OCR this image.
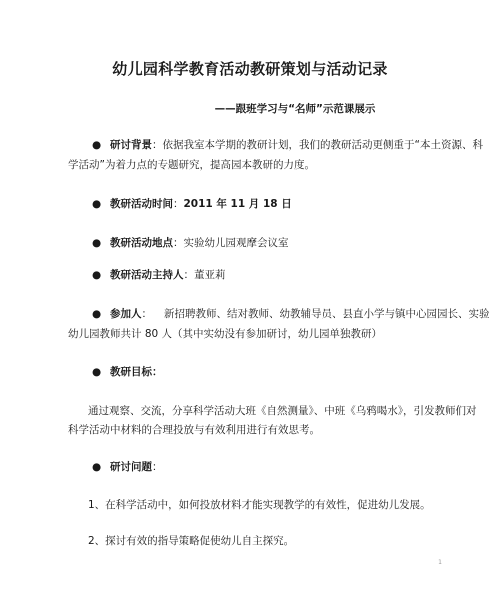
幼儿园科学教育活动教研策划与活动记录
——跟班学习与“名师”示范课展示
● 研讨背景：依据我室本学期的教研计划，我们的教研活动更侧重于“本土资源、科
学活动”为着力点的专题研究，提高园本教研的力度。
● 教研活动时间：2011 年 11 月 18 日
● 教研活动地点：实验幼儿园观摩会议室
● 教研活动主持人：董亚莉
● 参加人： 新招聘教师、结对教师、幼教辅导员、县直小学与镇中心园园长、实验
幼儿园教师共计 80 人（其中实幼没有参加研讨，幼儿园单独教研）
● 教研目标：
通过观察、交流，分享科学活动大班《自然测量》、中班《乌鸦喝水》，引发教师们对
科学活动中材料的合理投放与有效利用进行有效思考。
● 研讨问题：
1、在科学活动中，如何投放材料才能实现教学的有效性，促进幼儿发展。
2、探讨有效的指导策略促使幼儿自主探究。
1
